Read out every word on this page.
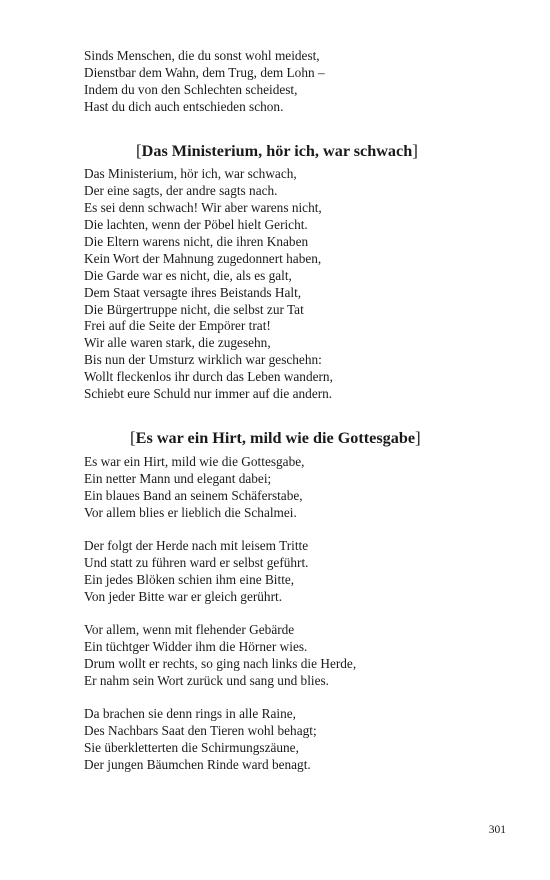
Sinds Menschen, die du sonst wohl meidest,
Dienstbar dem Wahn, dem Trug, dem Lohn –
Indem du von den Schlechten scheidest,
Hast du dich auch entschieden schon.
[Das Ministerium, hör ich, war schwach]
Das Ministerium, hör ich, war schwach,
Der eine sagts, der andre sagts nach.
Es sei denn schwach! Wir aber warens nicht,
Die lachten, wenn der Pöbel hielt Gericht.
Die Eltern warens nicht, die ihren Knaben
Kein Wort der Mahnung zugedonnert haben,
Die Garde war es nicht, die, als es galt,
Dem Staat versagte ihres Beistands Halt,
Die Bürgertruppe nicht, die selbst zur Tat
Frei auf die Seite der Empörer trat!
Wir alle waren stark, die zugesehn,
Bis nun der Umsturz wirklich war geschehn:
Wollt fleckenlos ihr durch das Leben wandern,
Schiebt eure Schuld nur immer auf die andern.
[Es war ein Hirt, mild wie die Gottesgabe]
Es war ein Hirt, mild wie die Gottesgabe,
Ein netter Mann und elegant dabei;
Ein blaues Band an seinem Schäferstabe,
Vor allem blies er lieblich die Schalmei.
Der folgt der Herde nach mit leisem Tritte
Und statt zu führen ward er selbst geführt.
Ein jedes Blöken schien ihm eine Bitte,
Von jeder Bitte war er gleich gerührt.
Vor allem, wenn mit flehender Gebärde
Ein tüchtger Widder ihm die Hörner wies.
Drum wollt er rechts, so ging nach links die Herde,
Er nahm sein Wort zurück und sang und blies.
Da brachen sie denn rings in alle Raine,
Des Nachbars Saat den Tieren wohl behagt;
Sie überkletterten die Schirmungszäune,
Der jungen Bäumchen Rinde ward benagt.
301
